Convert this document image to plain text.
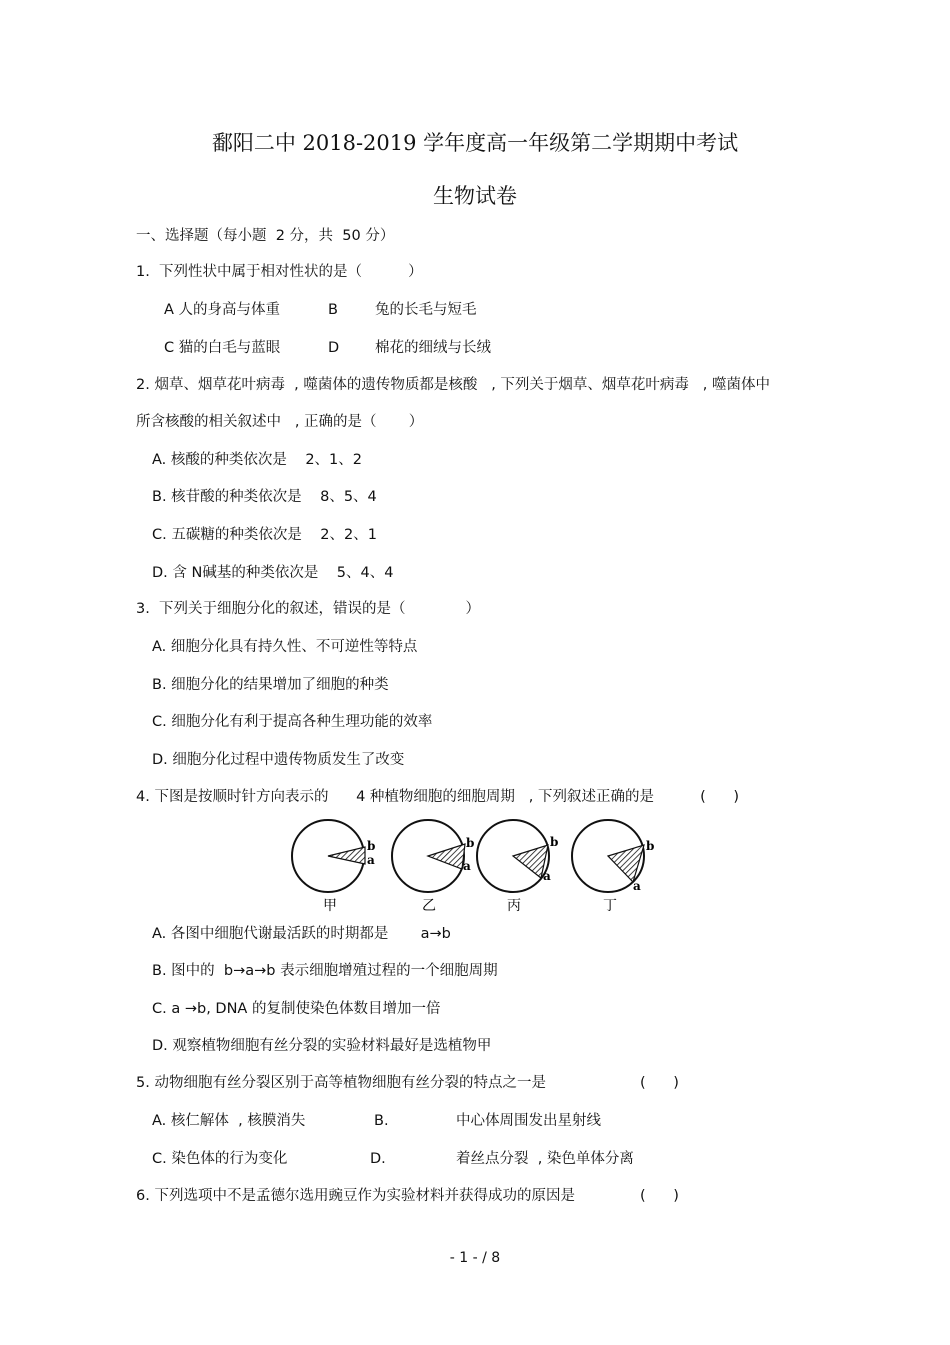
鄱阳二中 2018-2019 学年度高一年级第二学期期中考试
生物试卷
一、选择题（每小题  2 分，共  50 分）
1.  下列性状中属于相对性状的是（          ）
A 人的身高与体重	B	兔的长毛与短毛
C 猫的白毛与蓝眼	D 棉花的细绒与长绒
2. 烟草、烟草花叶病毒  , 噬菌体的遗传物质都是核酸   , 下列关于烟草、烟草花叶病毒   , 噬菌体中
所含核酸的相关叙述中   , 正确的是（       ）
A. 核酸的种类依次是    2、1、2
B. 核苷酸的种类依次是    8、5、4
C. 五碳糖的种类依次是    2、2、1
D. 含 N碱基的种类依次是    5、4、4
3.  下列关于细胞分化的叙述，错误的是（             ）
A. 细胞分化具有持久性、不可逆性等特点
B. 细胞分化的结果增加了细胞的种类
C. 细胞分化有利于提高各种生理功能的效率
D. 细胞分化过程中遗传物质发生了改变
4. 下图是按顺时针方向表示的      4 种植物细胞的细胞周期   , 下列叙述正确的是          (      )
b
a
甲
b
a
乙
b
a
丙
b
a
丁
A. 各图中细胞代谢最活跃的时期都是       a→b
B. 图中的  b→a→b 表示细胞增殖过程的一个细胞周期
C. a →b, DNA 的复制使染色体数目增加一倍
D. 观察植物细胞有丝分裂的实验材料最好是选植物甲
5. 动物细胞有丝分裂区别于高等植物细胞有丝分裂的特点之一是	(      )
A. 核仁解体  , 核膜消失	B.	中心体周围发出星射线
C. 染色体的行为变化	D.	着丝点分裂  , 染色单体分离
6. 下列选项中不是孟德尔选用豌豆作为实验材料并获得成功的原因是	(      )
- 1 - / 8
